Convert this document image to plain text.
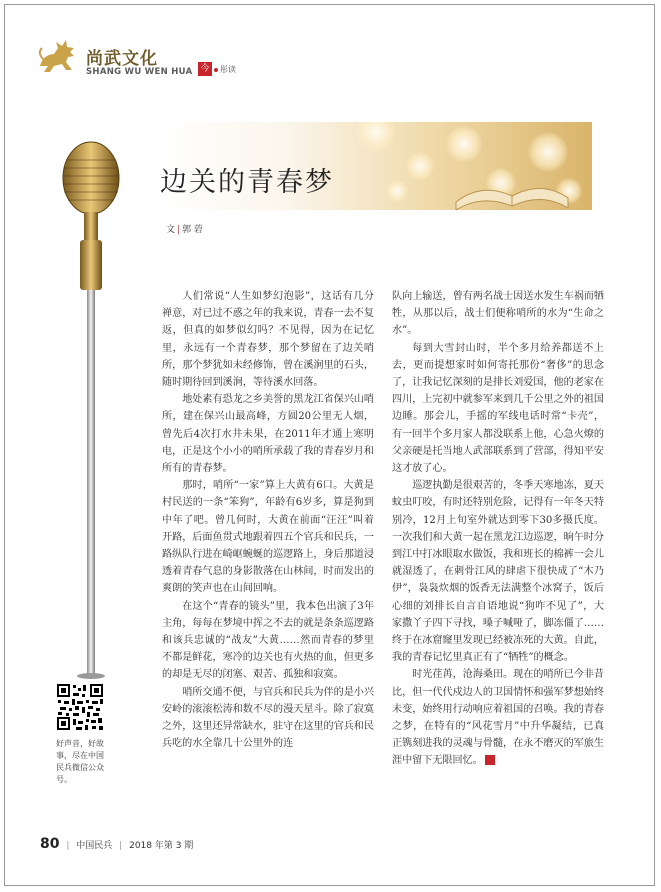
尚武文化
SHANG WU WEN HUA 今	彤读
边关的青春梦
文 | 郭 菪
好声音，好故事，尽在中国民兵微信公众号。

人们常说“人生如梦幻泡影”，这话有几分禅意，对已过不惑之年的我来说，青春一去不复返，但真的如梦似幻吗？不见得，因为在记忆里，永远有一个青春梦，那个梦留在了边关哨所，那个梦犹如未经修饰，曾在溪涧里的石头，随时期待回到溪涧，等待溪水回落。

地处素有恐龙之乡美誉的黑龙江省保兴山哨所，建在保兴山最高峰，方圆20公里无人烟，曾先后4次打水井未果，在2011年才通上寒明电，正是这个小小的哨所承载了我的青春岁月和所有的青春梦。

那时，哨所“一家”算上大黄有6口。大黄是村民送的一条“笨狗”，年龄有6岁多，算是狗到中年了吧。曾几何时，大黄在前面“汪汪”叫着开路，后面鱼贯式地跟着四五个官兵和民兵，一路纵队行进在崎岖蜿蜒的巡逻路上，身后那道浸透着青春气息的身影散落在山林间，时而发出的爽朗的笑声也在山间回响。

在这个“青春的镜头”里，我本色出演了3年主角，每每在梦境中挥之不去的就是条条巡逻路和该兵忠诚的“战友”大黄……然而青春的梦里不都是鲜花，寒冷的边关也有火热的血，但更多的却是无尽的闭塞、艰苦、孤独和寂寞。

哨所交通不便，与官兵和民兵为伴的是小兴安岭的滚滚松涛和数不尽的漫天星斗。除了寂寞之外，这里还异常缺水，驻守在这里的官兵和民兵吃的水全靠几十公里外的连

队向上输送，曾有两名战士因送水发生车祸而牺牲，从那以后，战士们便称哨所的水为“生命之水”。

每到大雪封山时，半个多月给养都送不上去，更而提想家时如何寄托那份“奢侈”的思念了，让我记忆深刻的是排长刘爱国，他的老家在四川，上完初中就参军来到几千公里之外的祖国边睡。那会儿，手摇的军线电话时常“卡壳”，有一回半个多月家人都没联系上他，心急火燎的父亲硬是托当地人武部联系到了营部，得知平安这才放了心。

巡逻执勤是很艰苦的，冬季天寒地冻，夏天蚊虫叮咬，有时还特别危险，记得有一年冬天特别冷，12月上旬室外就达到零下30多摄氏度。一次我们和大黄一起在黑龙江边巡逻，晌午时分到江中打冰眼取水做饭，我和班长的棉裤一会儿就湿透了，在刺骨江风的肆虐下很快成了“木乃伊”，袅袅炊烟的饭香无法满整个冰窝子，饭后心细的刘排长自言自语地说“狗咋不见了”，大家撒丫子四下寻找，嗓子喊哑了，脚冻僵了……终于在冰窟窿里发现已经被冻死的大黄。自此，我的青春记忆里真正有了“牺牲”的概念。

时光荏苒，沧海桑田。现在的哨所已今非昔比，但一代代戍边人的卫国情怀和强军梦想始终未变，始终用行动响应着祖国的召唤。我的青春之梦，在特有的“风花雪月”中升华凝结，已真正镌刻进我的灵魂与骨髓，在永不磨灭的军旅生涯中留下无限回忆。

80 | 中国民兵 | 2018 年第 3 期
